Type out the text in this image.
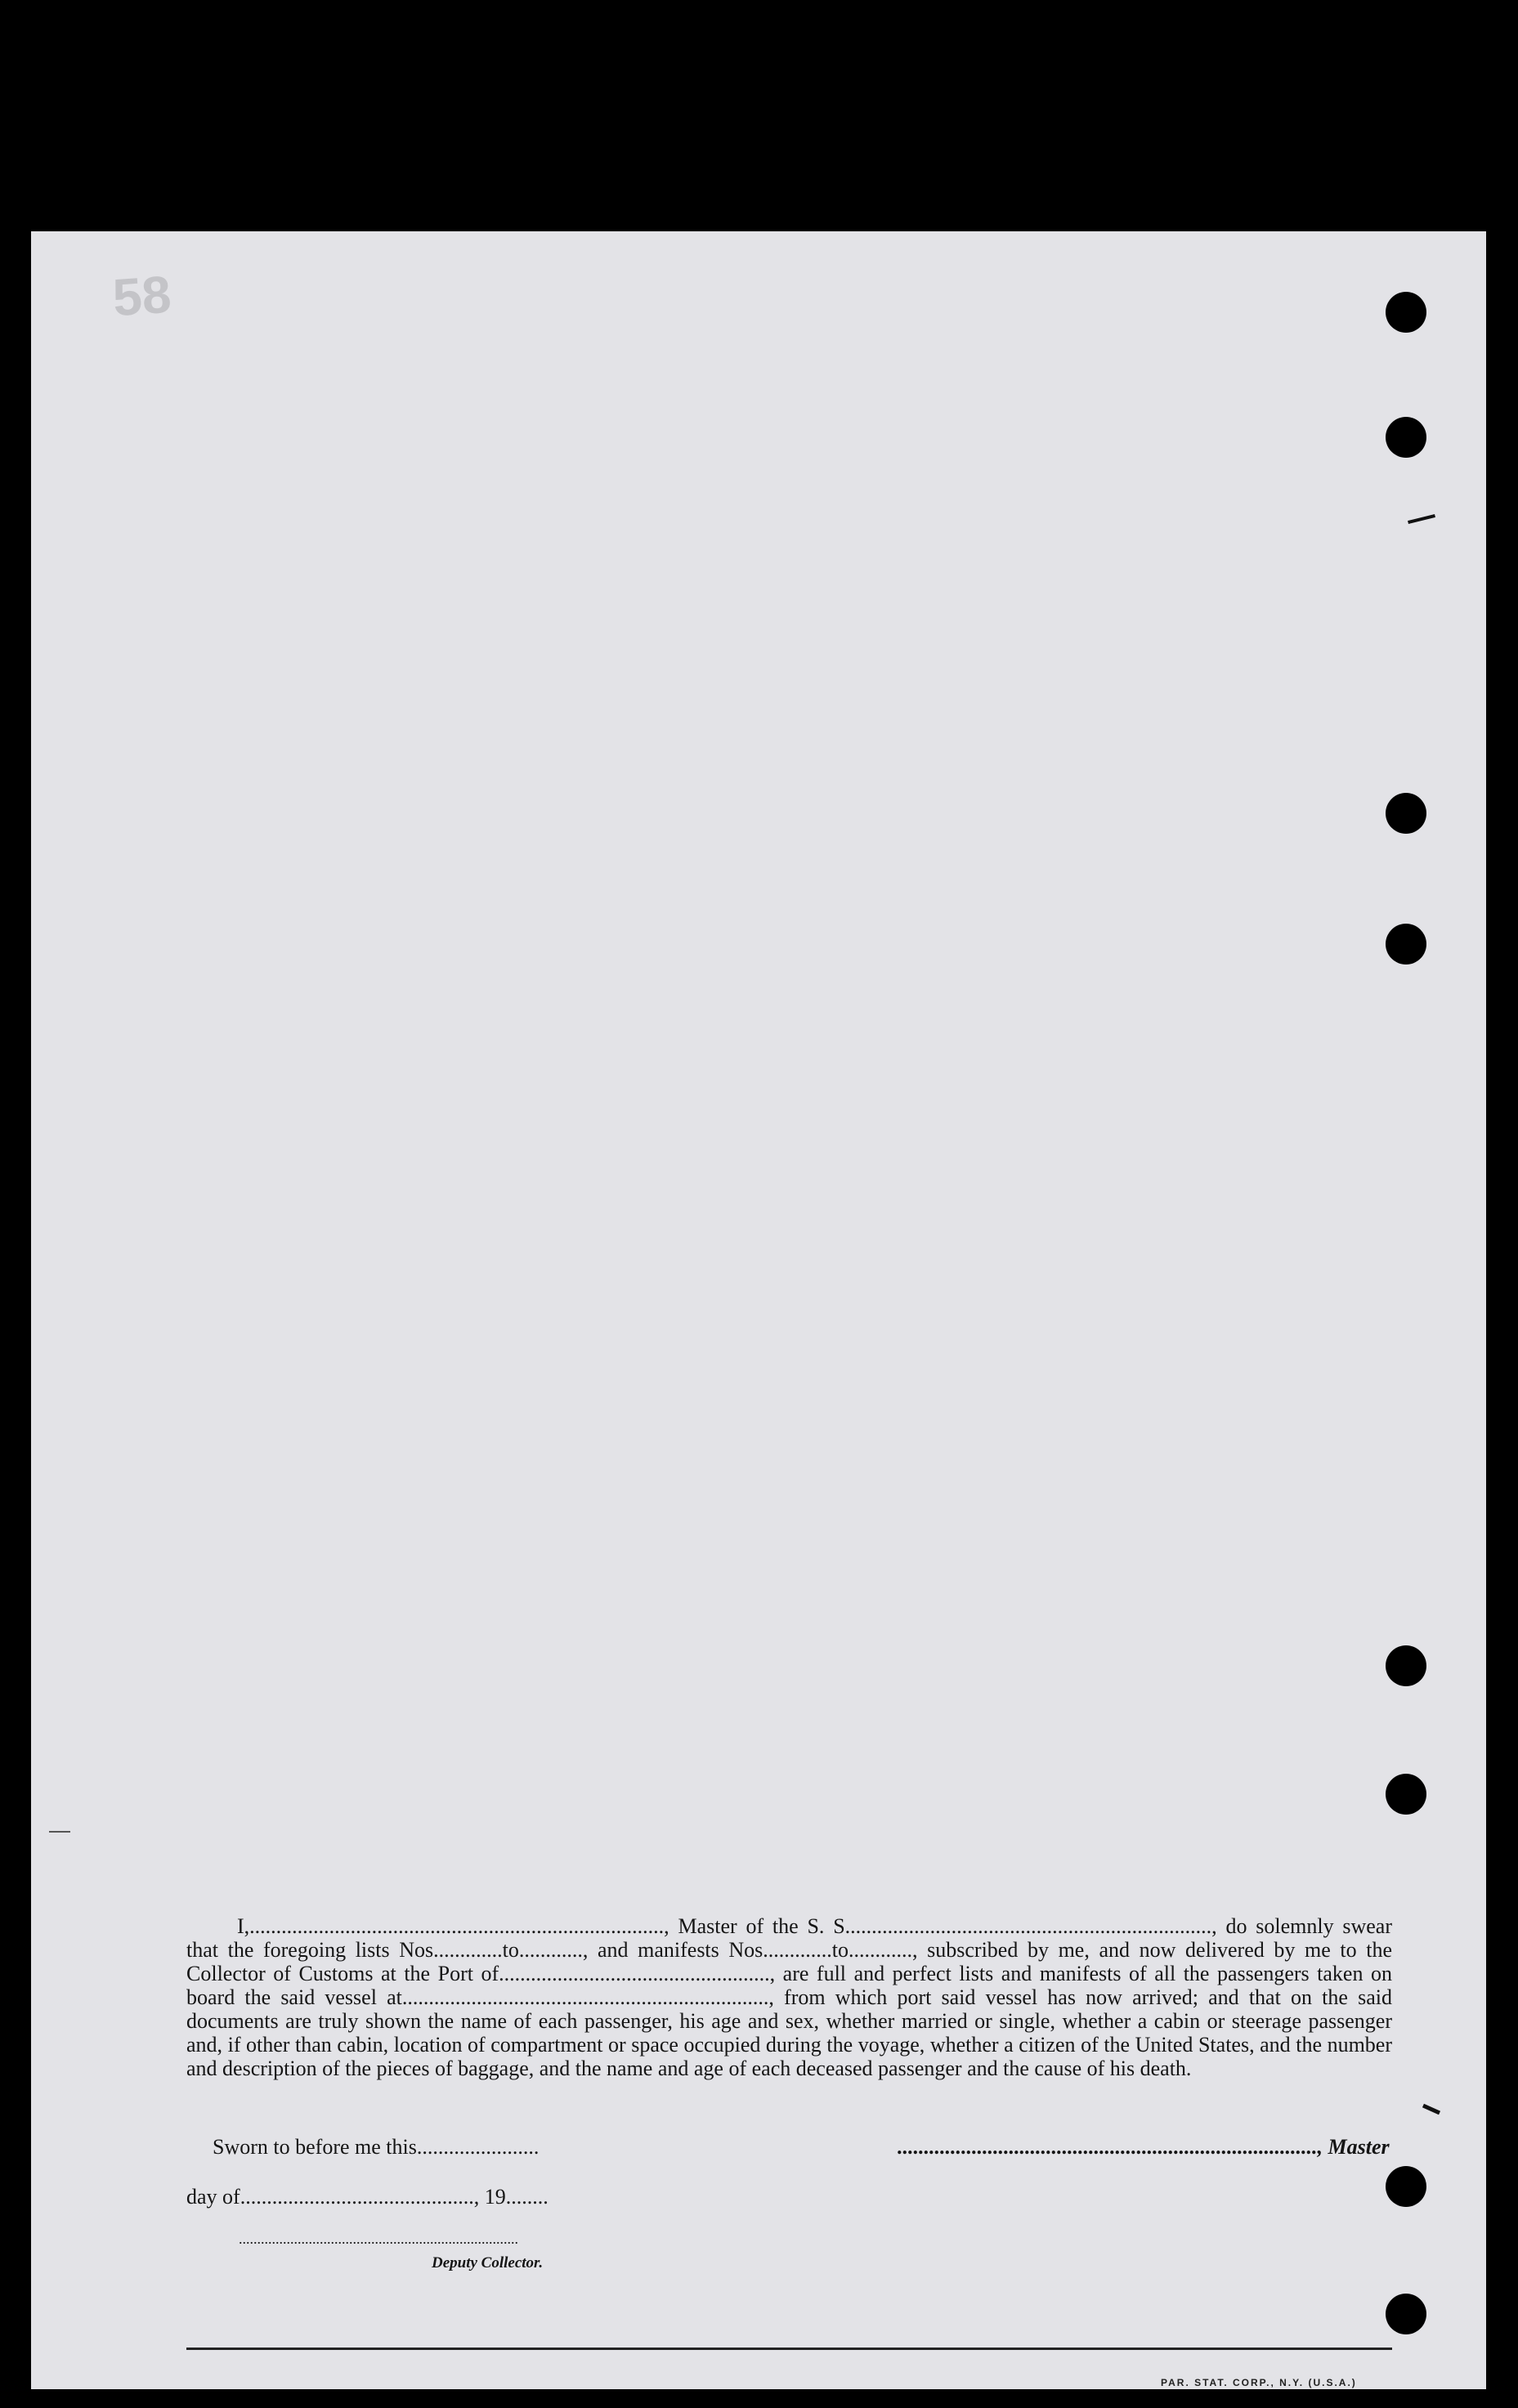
58

I,.............................................................................., Master of the S. S....................................................................., do solemnly swear that the foregoing lists Nos.............to............, and manifests Nos.............to............, subscribed by me, and now delivered by me to the Collector of Customs at the Port of..................................................., are full and perfect lists and manifests of all the passengers taken on board the said vessel at....................................................................., from which port said vessel has now arrived; and that on the said documents are truly shown the name of each passenger, his age and sex, whether married or single, whether a cabin or steerage passenger and, if other than cabin, location of compartment or space occupied during the voyage, whether a citizen of the United States, and the number and description of the pieces of baggage, and the name and age of each deceased passenger and the cause of his death.

Sworn to before me this.......................	..............................................................................., Master
day of............................................, 19........
............................................................................
Deputy Collector.
PAR. STAT. CORP., N.Y. (U.S.A.)
